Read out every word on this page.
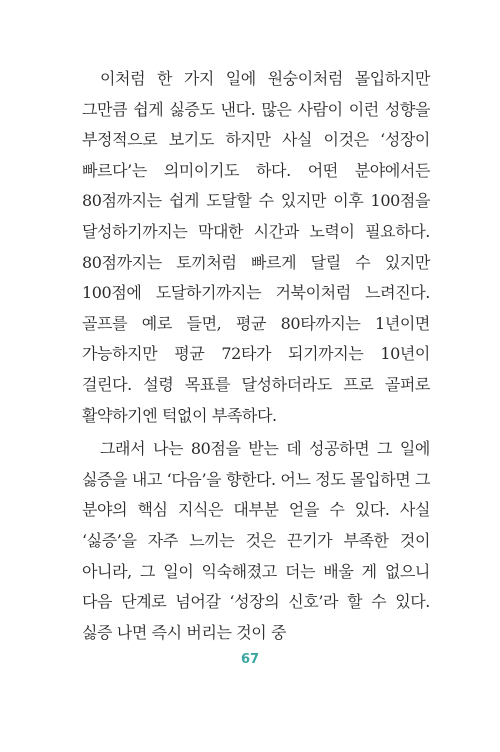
이처럼 한 가지 일에 원숭이처럼 몰입하지만 그만큼 쉽게 싫증도 낸다. 많은 사람이 이런 성향을 부정적으로 보기도 하지만 사실 이것은 ‘성장이 빠르다’는 의미이기도 하다. 어떤 분야에서든 80점까지는 쉽게 도달할 수 있지만 이후 100점을 달성하기까지는 막대한 시간과 노력이 필요하다. 80점까지는 토끼처럼 빠르게 달릴 수 있지만 100점에 도달하기까지는 거북이처럼 느려진다. 골프를 예로 들면, 평균 80타까지는 1년이면 가능하지만 평균 72타가 되기까지는 10년이 걸린다. 설령 목표를 달성하더라도 프로 골퍼로 활약하기엔 턱없이 부족하다.

그래서 나는 80점을 받는 데 성공하면 그 일에 싫증을 내고 ‘다음’을 향한다. 어느 정도 몰입하면 그 분야의 핵심 지식은 대부분 얻을 수 있다. 사실 ‘싫증’을 자주 느끼는 것은 끈기가 부족한 것이 아니라, 그 일이 익숙해졌고 더는 배울 게 없으니 다음 단계로 넘어갈 ‘성장의 신호’라 할 수 있다. 싫증 나면 즉시 버리는 것이 중

67
